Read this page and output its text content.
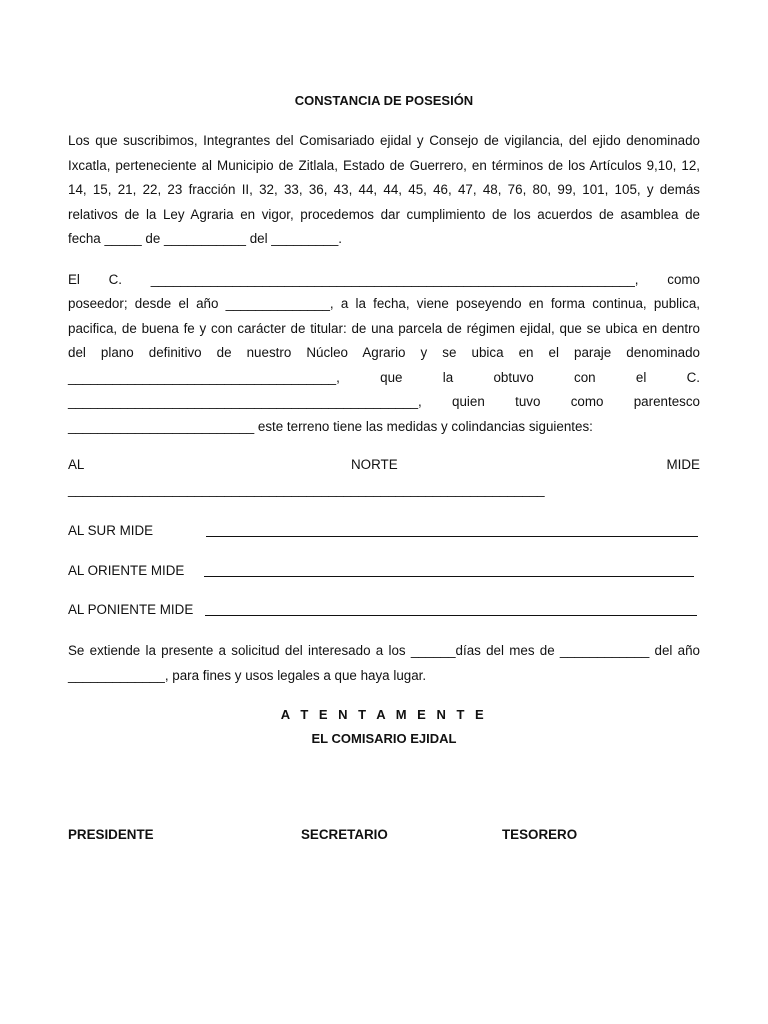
CONSTANCIA DE POSESIÓN
Los que suscribimos, Integrantes del Comisariado ejidal y Consejo de vigilancia, del ejido denominado
Ixcatla, perteneciente al Municipio de Zitlala, Estado de Guerrero, en términos de los Artículos 9,10, 12,
14, 15, 21, 22, 23 fracción II, 32, 33, 36, 43, 44, 44, 45, 46, 47, 48, 76, 80, 99, 101, 105, y demás
relativos de la Ley Agraria en vigor, procedemos dar cumplimiento de los acuerdos de asamblea de
fecha _____ de ___________ del _________.
El C. _________________________________________________________________, como
poseedor; desde el año ______________, a la fecha, viene poseyendo en forma continua, publica,
pacifica, de buena fe y con carácter de titular: de una parcela de régimen ejidal, que se ubica en dentro
del plano definitivo de nuestro Núcleo Agrario y se ubica en el paraje denominado
____________________________________, que la obtuvo con el C.
_______________________________________________, quien tuvo como parentesco
_________________________ este terreno tiene las medidas y colindancias siguientes:
AL	NORTE	MIDE
________________________________________________________________
AL SUR MIDE
AL ORIENTE MIDE
AL PONIENTE MIDE
Se extiende la presente a solicitud del interesado a los ______días del mes de ____________ del año
_____________, para fines y usos legales a que haya lugar.
A T E N T A M E N T E
EL COMISARIO EJIDAL
PRESIDENTE	SECRETARIO	TESORERO
